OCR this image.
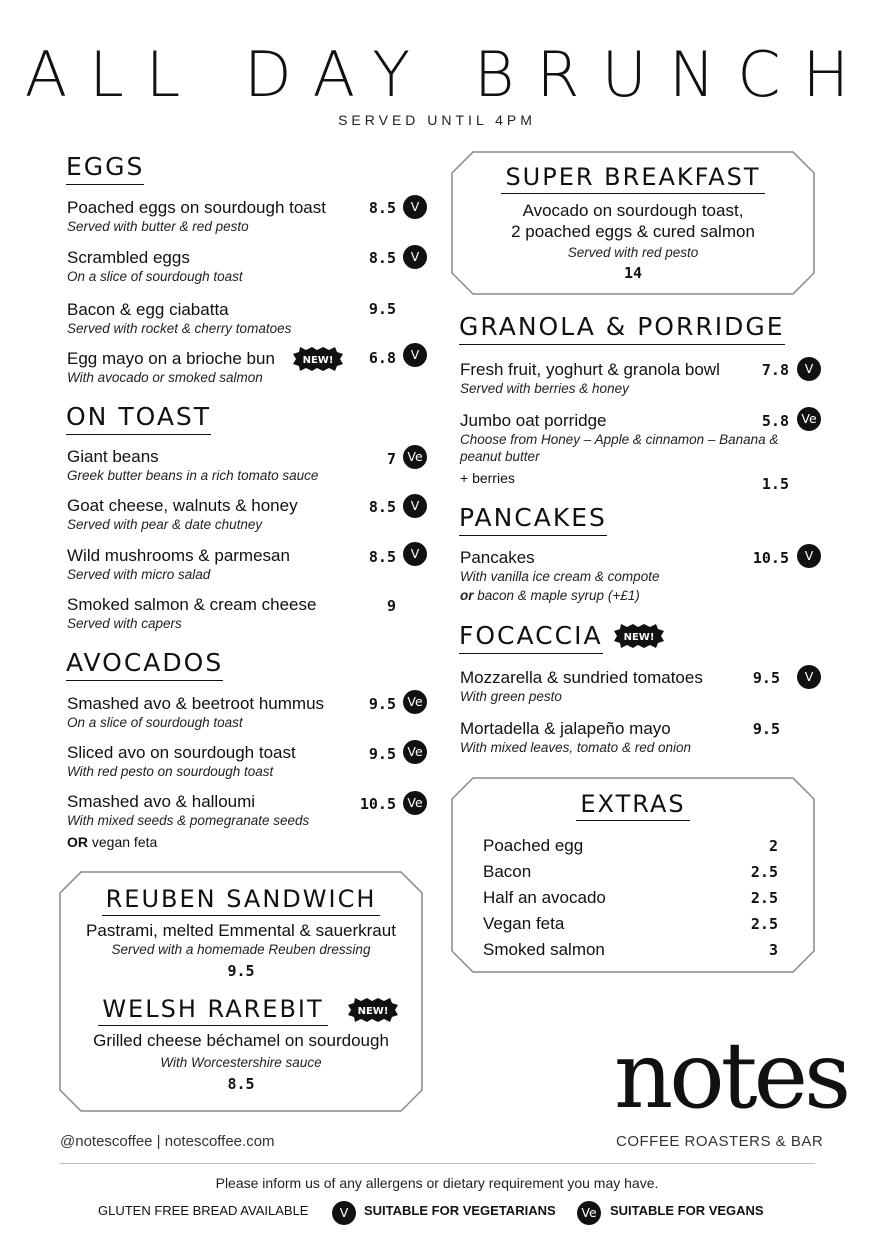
ALL DAY BRUNCH
SERVED UNTIL 4PM
EGGS
Poached eggs on sourdough toast
Served with butter & red pesto
8.5	V
Scrambled eggs
On a slice of sourdough toast
8.5	V
Bacon & egg ciabatta
Served with rocket & cherry tomatoes
9.5
Egg mayo on a brioche bun
With avocado or smoked salmon
NEW!	6.8	V
ON TOAST
Giant beans
Greek butter beans in a rich tomato sauce
7 Ve
Goat cheese, walnuts & honey
Served with pear & date chutney
8.5	V
Wild mushrooms & parmesan
Served with micro salad
8.5	V
Smoked salmon & cream cheese
Served with capers
9
AVOCADOS
Smashed avo & beetroot hummus
On a slice of sourdough toast
9.5 Ve
Sliced avo on sourdough toast
With red pesto on sourdough toast
9.5 Ve
Smashed avo & halloumi
With mixed seeds & pomegranate seeds
OR vegan feta
10.5 Ve
REUBEN SANDWICH
Pastrami, melted Emmental & sauerkraut
Served with a homemade Reuben dressing
9.5
WELSH RAREBIT
Grilled cheese béchamel on sourdough
With Worcestershire sauce
8.5
NEW!
SUPER BREAKFAST
Avocado on sourdough toast,
2 poached eggs & cured salmon
Served with red pesto
14
GRANOLA & PORRIDGE
Fresh fruit, yoghurt & granola bowl
Served with berries & honey
7.8	V
Jumbo oat porridge
Choose from Honey – Apple & cinnamon – Banana & peanut butter
+ berries
5.8 Ve
1.5
PANCAKES
Pancakes
With vanilla ice cream & compote
or bacon & maple syrup (+£1)
10.5	V
FOCACCIA NEW!
Mozzarella & sundried tomatoes
With green pesto
9.5	V
Mortadella & jalapeño mayo
With mixed leaves, tomato & red onion
9.5
EXTRAS
Poached egg	2
Bacon	2.5
Half an avocado	2.5
Vegan feta	2.5
Smoked salmon	3
@notescoffee | notescoffee.com
notes
COFFEE ROASTERS & BAR
Please inform us of any allergens or dietary requirement you may have.
GLUTEN FREE BREAD AVAILABLE	V	SUITABLE FOR VEGETARIANS	Ve	SUITABLE FOR VEGANS
